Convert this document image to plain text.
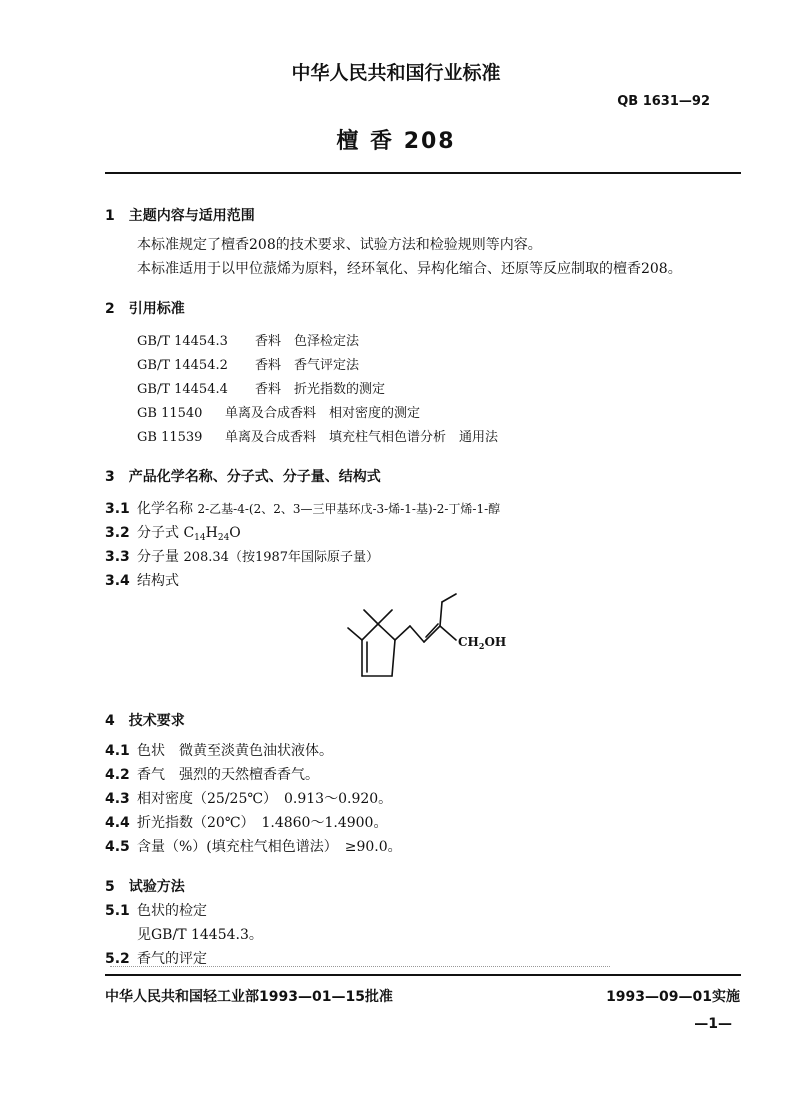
中华人民共和国行业标准
QB 1631—92
檀 香 208
1　主题内容与适用范围
本标准规定了檀香208的技术要求、试验方法和检验规则等内容。
本标准适用于以甲位蒎烯为原料，经环氧化、异构化缩合、还原等反应制取的檀香208。
2　引用标准
GB/T 14454.3 香料　色泽检定法
GB/T 14454.2 香料　香气评定法
GB/T 14454.4 香料　折光指数的测定
GB 11540 单离及合成香料　相对密度的测定
GB 11539 单离及合成香料　填充柱气相色谱分析　通用法
3　产品化学名称、分子式、分子量、结构式
3.1 化学名称 2-乙基-4-(2、2、3—三甲基环戊-3-烯-1-基)-2-丁烯-1-醇
3.2 分子式 $C_{14}H_{24}O$
3.3 分子量 208.34（按1987年国际原子量）
3.4 结构式
$CH_2OH$
4　技术要求
4.1 色状　微黄至淡黄色油状液体。
4.2 香气　强烈的天然檀香香气。
4.3 相对密度（25/25℃）　0.913～0.920。
4.4 折光指数（20℃）　1.4860～1.4900。
4.5 含量（%）(填充柱气相色谱法）　≥90.0。
5　试验方法
5.1 色状的检定
见GB/T 14454.3。
5.2 香气的评定
中华人民共和国轻工业部1993—01—15批准	1993—09—01实施
—1—
